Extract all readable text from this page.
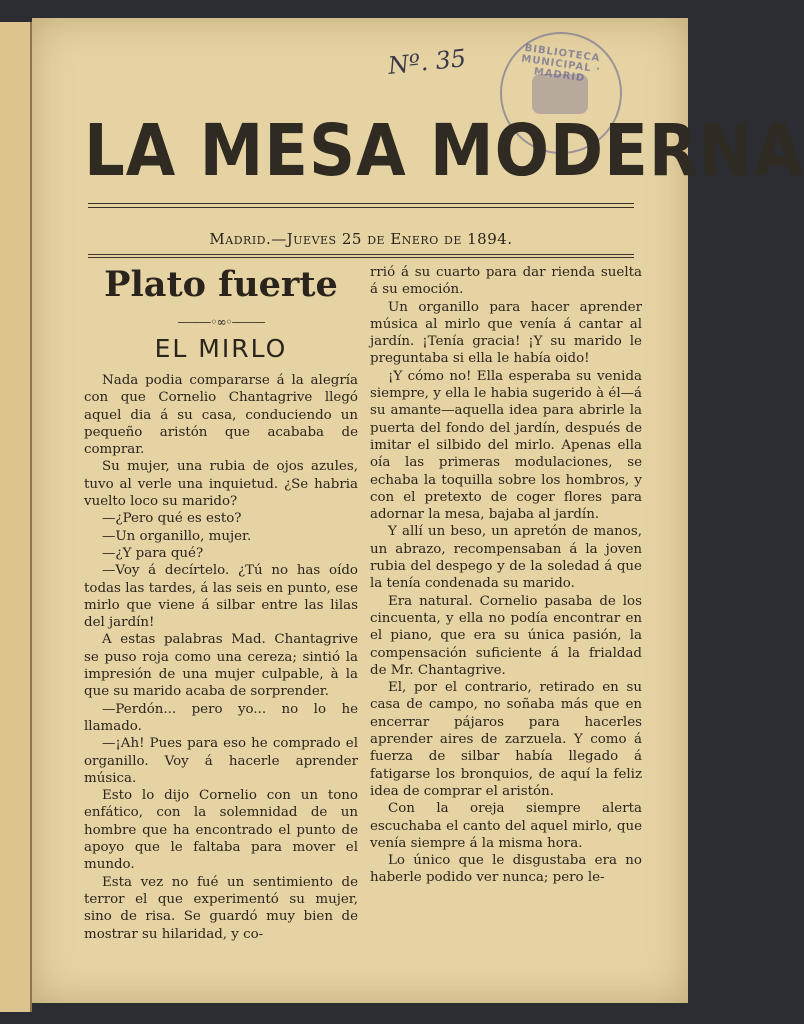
Nº. 35	BIBLIOTECA MUNICIPAL · MADRID
LA MESA MODERNA
Madrid.—Jueves 25 de Enero de 1894.
Plato fuerte
———◦∞◦———
EL MIRLO

Nada podia compararse á la alegría con que Cornelio Chantagrive llegó aquel dia á su casa, conduciendo un pequeño aristón que acababa de comprar.

Su mujer, una rubia de ojos azules, tuvo al verle una inquietud. ¿Se habria vuelto loco su marido?

—¿Pero qué es esto?

—Un organillo, mujer.

—¿Y para qué?

—Voy á decírtelo. ¿Tú no has oído todas las tardes, á las seis en punto, ese mirlo que viene á silbar entre las lilas del jardín!

A estas palabras Mad. Chantagrive se puso roja como una cereza; sintió la impresión de una mujer culpable, à la que su marido acaba de sorprender.

—Perdón... pero yo... no lo he llamado.

—¡Ah! Pues para eso he comprado el organillo. Voy á hacerle aprender música.

Esto lo dijo Cornelio con un tono enfático, con la solemnidad de un hombre que ha encontrado el punto de apoyo que le faltaba para mover el mundo.

Esta vez no fué un sentimiento de terror el que experimentó su mujer, sino de risa. Se guardó muy bien de mostrar su hilaridad, y co-

rrió á su cuarto para dar rienda suelta á su emoción.

Un organillo para hacer aprender música al mirlo que venía á cantar al jardín. ¡Tenía gracia! ¡Y su marido le preguntaba si ella le había oido!

¡Y cómo no! Ella esperaba su venida siempre, y ella le habia sugerido à él—á su amante—aquella idea para abrirle la puerta del fondo del jardín, después de imitar el silbido del mirlo. Apenas ella oía las primeras modulaciones, se echaba la toquilla sobre los hombros, y con el pretexto de coger flores para adornar la mesa, bajaba al jardín.

Y allí un beso, un apretón de manos, un abrazo, recompensaban á la joven rubia del despego y de la soledad á que la tenía condenada su marido.

Era natural. Cornelio pasaba de los cincuenta, y ella no podía encontrar en el piano, que era su única pasión, la compensación suficiente á la frialdad de Mr. Chantagrive.

El, por el contrario, retirado en su casa de campo, no soñaba más que en encerrar pájaros para hacerles aprender aires de zarzuela. Y como á fuerza de silbar había llegado á fatigarse los bronquios, de aquí la feliz idea de comprar el aristón.

Con la oreja siempre alerta escuchaba el canto del aquel mirlo, que venía siempre á la misma hora.

Lo único que le disgustaba era no haberle podido ver nunca; pero le-
